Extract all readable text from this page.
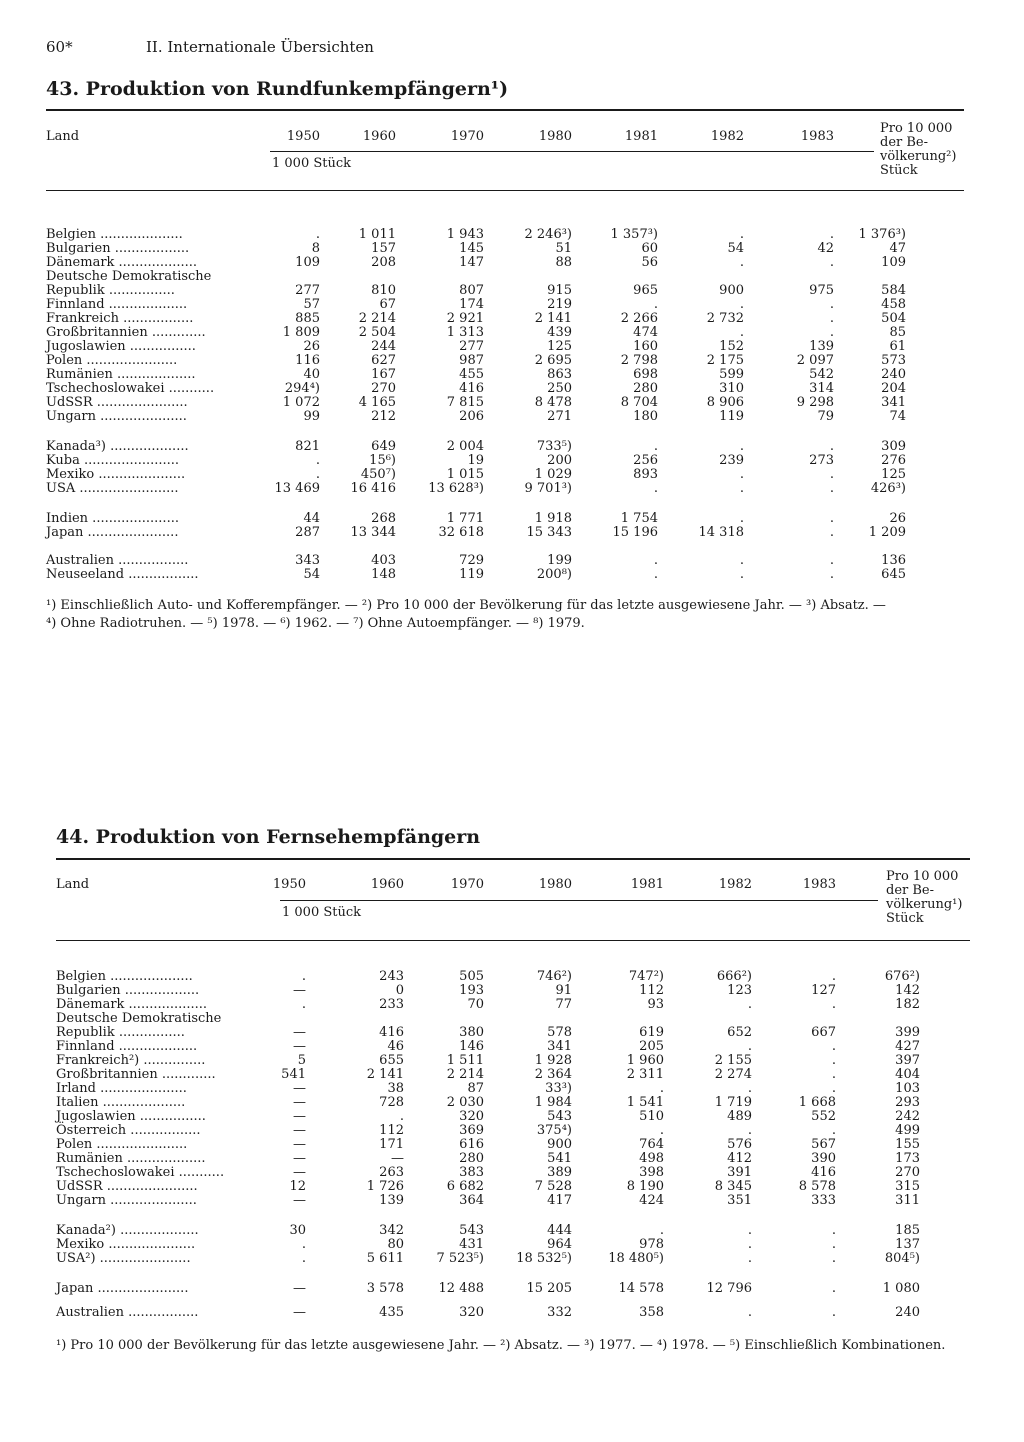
60*	II. Internationale Übersichten
43. Produktion von Rundfunkempfängern¹)
Land	1950	1960	1970	1980	1981	1982	1983
1 000 Stück
Pro 10 000
der Be-
völkerung²)
Stück
Belgien ....................	.	1 011	1 943	2 246³)	1 357³)	.	.	1 376³)
Bulgarien ..................	8	157	145	51	60	54	42	47
Dänemark ...................	109	208	147	88	56	.	.	109
Deutsche Demokratische
Republik ................	277	810	807	915	965	900	975	584
Finnland ...................	57	67	174	219	.	.	.	458
Frankreich .................	885	2 214	2 921	2 141	2 266	2 732	.	504
Großbritannien .............	1 809	2 504	1 313	439	474	.	.	85
Jugoslawien ................	26	244	277	125	160	152	139	61
Polen ......................	116	627	987	2 695	2 798	2 175	2 097	573
Rumänien ...................	40	167	455	863	698	599	542	240
Tschechoslowakei ...........	294⁴)	270	416	250	280	310	314	204
UdSSR ......................	1 072	4 165	7 815	8 478	8 704	8 906	9 298	341
Ungarn .....................	99	212	206	271	180	119	79	74
Kanada³) ...................	821	649	2 004	733⁵)	.	.	.	309
Kuba .......................	.	15⁶)	19	200	256	239	273	276
Mexiko .....................	.	450⁷)	1 015	1 029	893	.	.	125
USA ........................	13 469	16 416	13 628³)	9 701³)	.	.	.	426³)
Indien .....................	44	268	1 771	1 918	1 754	.	.	26
Japan ......................	287	13 344	32 618	15 343	15 196	14 318	.	1 209
Australien .................	343	403	729	199	.	.	.	136
Neuseeland .................	54	148	119	200⁸)	.	.	.	645
¹) Einschließlich Auto- und Kofferempfänger. — ²) Pro 10 000 der Bevölkerung für das letzte ausgewiesene Jahr. — ³) Absatz. —
⁴) Ohne Radiotruhen. — ⁵) 1978. — ⁶) 1962. — ⁷) Ohne Autoempfänger. — ⁸) 1979.
44. Produktion von Fernsehempfängern
Land	1950	1960	1970	1980	1981	1982	1983
1 000 Stück
Pro 10 000
der Be-
völkerung¹)
Stück
Belgien ....................	.	243	505	746²)	747²)	666²)	.	676²)
Bulgarien ..................	—	0	193	91	112	123	127	142
Dänemark ...................	.	233	70	77	93	.	.	182
Deutsche Demokratische
Republik ................	—	416	380	578	619	652	667	399
Finnland ...................	—	46	146	341	205	.	.	427
Frankreich²) ...............	5	655	1 511	1 928	1 960	2 155	.	397
Großbritannien .............	541	2 141	2 214	2 364	2 311	2 274	.	404
Irland .....................	—	38	87	33³)	.	.	.	103
Italien ....................	—	728	2 030	1 984	1 541	1 719	1 668	293
Jugoslawien ................	—	.	320	543	510	489	552	242
Österreich .................	—	112	369	375⁴)	.	.	.	499
Polen ......................	—	171	616	900	764	576	567	155
Rumänien ...................	—	—	280	541	498	412	390	173
Tschechoslowakei ...........	—	263	383	389	398	391	416	270
UdSSR ......................	12	1 726	6 682	7 528	8 190	8 345	8 578	315
Ungarn .....................	—	139	364	417	424	351	333	311
Kanada²) ...................	30	342	543	444	.	.	.	185
Mexiko .....................	.	80	431	964	978	.	.	137
USA²) ......................	.	5 611	7 523⁵)	18 532⁵)	18 480⁵)	.	.	804⁵)
Japan ......................	—	3 578	12 488	15 205	14 578	12 796	.	1 080
Australien .................	—	435	320	332	358	.	.	240
¹) Pro 10 000 der Bevölkerung für das letzte ausgewiesene Jahr. — ²) Absatz. — ³) 1977. — ⁴) 1978. — ⁵) Einschließlich Kombinationen.
